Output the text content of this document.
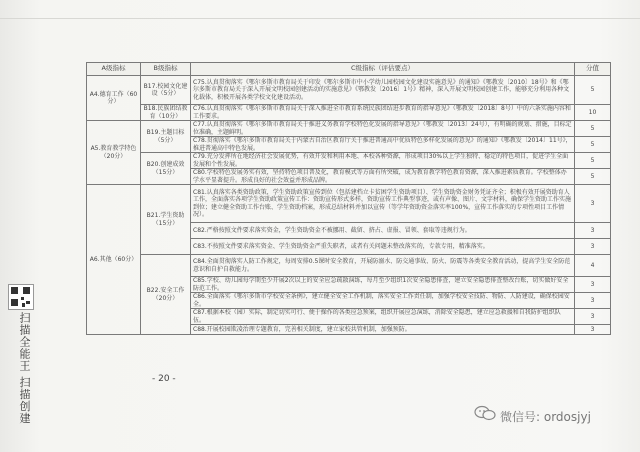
扫描全能王 扫描创建
A级指标	B级指标	C级指标（评估要点）	分值
A4.德育工作（60分）	B17.校园文化建设（5分）	C75.认真贯彻落实《鄂尔多斯市教育局关于印发《鄂尔多斯市中小学幼儿园校园文化建设实施意见》的通知》《鄂教发〔2010〕18号》和《鄂尔多斯市教育局关于深入开展文明校园创建活动的实施意见》《鄂教发〔2016〕1号》精神，深入开展文明校园创建工作，能够充分利用各种文化载体，积极开展各类学校文化建设活动。	5
	B18.民族团结教育（10分）	C76.认真贯彻落实《鄂尔多斯市教育局关于深入推进全市教育系统民族团结进步教育的指导意见》（鄂教发〔2018〕8号）中的六条实施内容和工作要求。	10
A5.教育教学特色（20分）	B19.主题目标（5分）	C77.认真贯彻落实《鄂尔多斯市教育局关于推进义务教育学校特色化发展的指导意见》（鄂教发〔2013〕24号），有明确的规划、措施，目标定位准确，主题鲜明。	5
		C78.贯彻落实《鄂尔多斯市教育局关于内蒙古自治区教育厅关于推进普通高中优质特色多样化发展的意见》的通知》《鄂教发〔2014〕11号》，推进普通高中特色发展。	5
	B20.创建成效（15分）	C79.充分发挥所在地经济社会发展优势，有效开发和利用本地、本校各种资源，形成项目30%以上学生独特、稳定的特色项目，促进学生全面发展和个性发展。	5
		C80.学校特色发展务实有效，坚持特色项目普及化，教育模式等方面有所突破，成为教育教学特色教育资源，深入推进素质教育。学校整体办学水平显著提升。形成良好的社会效益并形成品牌。	5
A6.其他（60分）	B21.学生资助（15分）	C81.认真落实各类资助政策，学生资助政策宣传到位（包括建档立卡贫困学生资助项目）、学生资助资金财务凭证齐全；积极有效开展资助育人工作，全面落实各项学生资助政策宣传工作：资助宣传形式多样，资助宣传工作典型事迹，或有声像、图片、文字材料，确保学生资助工作实施到位；建立健全资助工作台账、学生资助档案，形成总结材料并加以宣传（等学年资助资金落实率100%，宣传工作落实的专项性项目工作情况）。	3
		C82.严格按照文件要求落实资金，学生资助资金不被挪用、截留、挤占、虚报、冒领、套取等违规行为。	3
		C83.不按照文件要求落实资金、学生资助资金严重失职者，或者有关问题未整改落实的，专款专用，精准落实。	3
	B22.安全工作（20分）	C84.全面贯彻落实人防工作规定，每周安排0.5课时安全教育，开展防溺水、防交通事故、防火、防震等各类安全教育活动，提高学生安全防范意识和自护自救能力。	4
		C85.学校、幼儿园每学期至少开展2次以上的安全应急疏散演练，每月至少组织1次安全隐患排查，建立安全隐患排查整改台账，切实做好安全防范工作。	3
		C86.全面落实《鄂尔多斯市学校安全条例》，建立健全安全工作机制，落实安全工作责任制，加强学校安全技防、物防、人防建设，确保校园安全。	3
		C87.根据本校（园）实际，制定切实可行、便于操作的各类应急预案，组织开展应急演练，消除安全隐患，建立应急救援和自我防护组织队伍。	3
		C88.开展校园欺凌治理专题教育，完善相关制度，建立家校共管机制，加强预防。	3
- 20 -
微信号: ordosjyj
